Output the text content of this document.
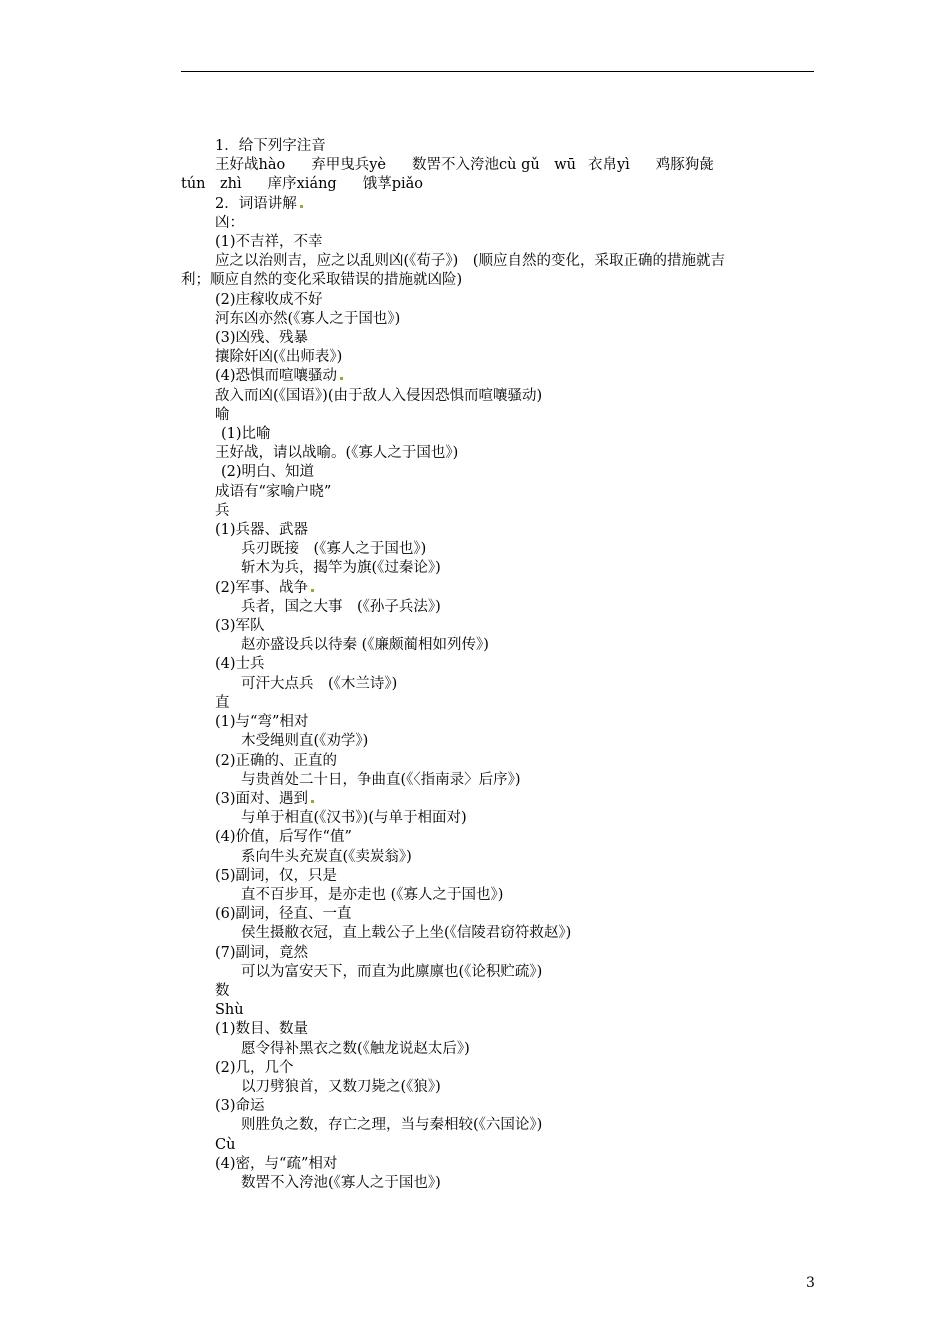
1．给下列字注音
王好战hào 弃甲曳兵yè 数罟不入洿池cù gǔ　wū 衣帛yì 鸡豚狗彘
tún　zhì 庠序xiáng 饿莩piǎo
2．词语讲解
凶：
(1)不吉祥，不幸
应之以治则吉，应之以乱则凶(《荀子》)　(顺应自然的变化，采取正确的措施就吉
利；顺应自然的变化采取错误的措施就凶险)
(2)庄稼收成不好
河东凶亦然(《寡人之于国也》)
(3)凶残、残暴
攘除奸凶(《出师表》)
(4)恐惧而喧嚷骚动
敌入而凶(《国语》)(由于敌人入侵因恐惧而喧嚷骚动)
喻
(1)比喻
王好战，请以战喻。(《寡人之于国也》)
(2)明白、知道
成语有“家喻户晓”
兵
(1)兵器、武器
兵刃既接　(《寡人之于国也》)
斩木为兵，揭竿为旗(《过秦论》)
(2)军事、战争
兵者，国之大事　(《孙子兵法》)
(3)军队
赵亦盛设兵以待秦 (《廉颇蔺相如列传》)
(4)士兵
可汗大点兵　(《木兰诗》)
直
(1)与“弯”相对
木受绳则直(《劝学》)
(2)正确的、正直的
与贵酋处二十日，争曲直(《〈指南录〉后序》)
(3)面对、遇到
与单于相直(《汉书》)(与单于相面对)
(4)价值，后写作“值”
系向牛头充炭直(《卖炭翁》)
(5)副词，仅，只是
直不百步耳，是亦走也 (《寡人之于国也》)
(6)副词，径直、一直
侯生摄敝衣冠，直上载公子上坐(《信陵君窃符救赵》)
(7)副词，竟然
可以为富安天下，而直为此廪廪也(《论积贮疏》)
数
Shù
(1)数目、数量
愿令得补黑衣之数(《触龙说赵太后》)
(2)几，几个
以刀劈狼首，又数刀毙之(《狼》)
(3)命运
则胜负之数，存亡之理，当与秦相较(《六国论》)
Cù
(4)密，与“疏”相对
数罟不入洿池(《寡人之于国也》)
3
